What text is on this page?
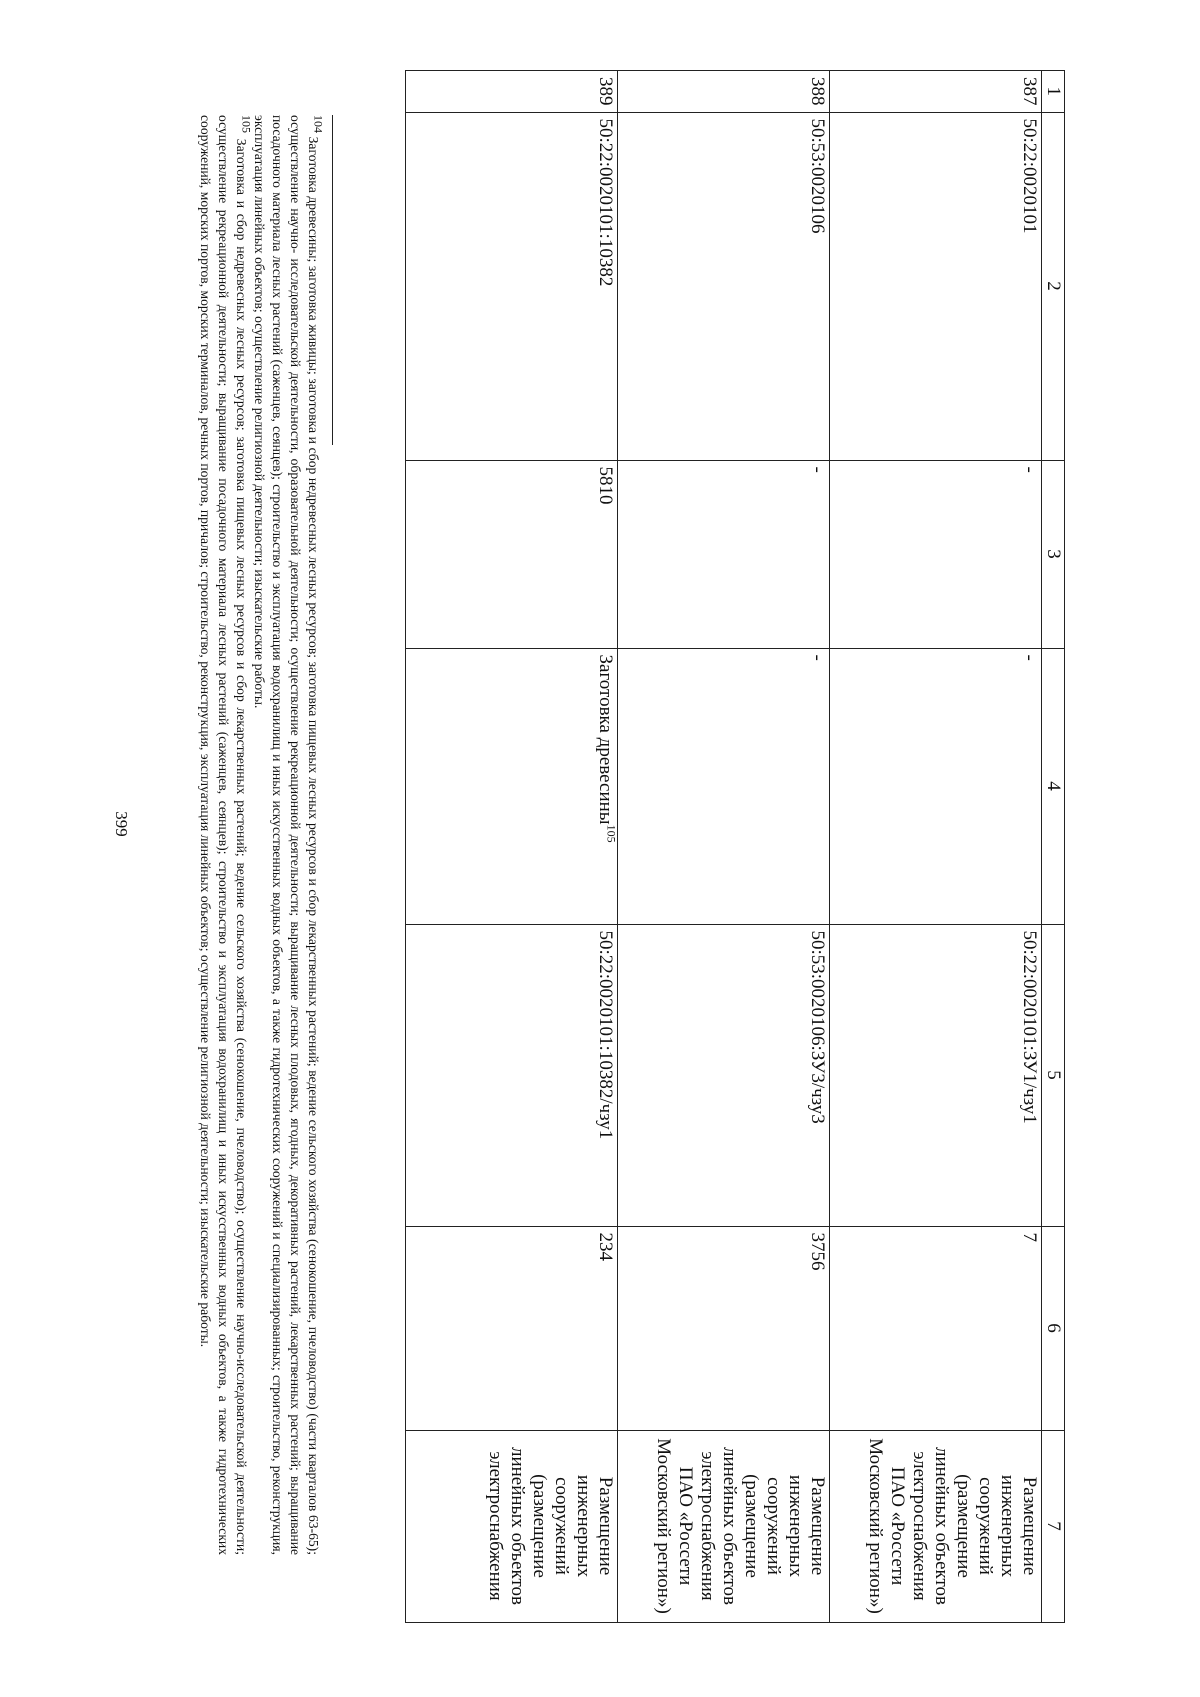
399
1	2	3	4	5	6	7
387	50:22:0020101	-	-	50:22:0020101:ЗУ1/чзу1	7	Размещение инженерных сооружений (размещение линейных объектов электроснабжения ПАО «Россети Московский регион»)
388	50:53:0020106	-	-	50:53:0020106:ЗУ3/чзу3	3756	Размещение инженерных сооружений (размещение линейных объектов электроснабжения ПАО «Россети Московский регион»)
389	50:22:0020101:10382	5810	Заготовка древесины$^{105}$	50:22:0020101:10382/чзу1	234	Размещение инженерных сооружений (размещение линейных объектов электроснабжения

$^{104}$ Заготовка древесины; заготовка живицы; заготовка и сбор недревесных лесных ресурсов; заготовка пищевых лесных ресурсов и сбор лекарственных растений; ведение сельского хозяйства (сенокошение, пчеловодство) (части кварталов 63-65); осуществление научно- исследовательской деятельности, образовательной деятельности; осуществление рекреационной деятельности; выращивание лесных плодовых, ягодных, декоративных растений, лекарственных растений; выращивание посадочного материала лесных растений (саженцев, сеянцев); строительство и эксплуатация водохранилищ и иных искусственных водных объектов, а также гидротехнических сооружений и специализированных; строительство, реконструкция, эксплуатация линейных объектов; осуществление религиозной деятельности; изыскательские работы.

$^{105}$ Заготовка и сбор недревесных лесных ресурсов; заготовка пищевых лесных ресурсов и сбор лекарственных растений; ведение сельского хозяйства (сенокошение, пчеловодство); осуществление научно-исследовательской деятельности; осуществление рекреационной деятельности; выращивание посадочного материала лесных растений (саженцев, сеянцев); строительство и эксплуатация водохранилищ и иных искусственных водных объектов, а также гидротехнических сооружений, морских портов, морских терминалов, речных портов, причалов; строительство, реконструкция, эксплуатация линейных объектов; осуществление религиозной деятельности; изыскательские работы.
